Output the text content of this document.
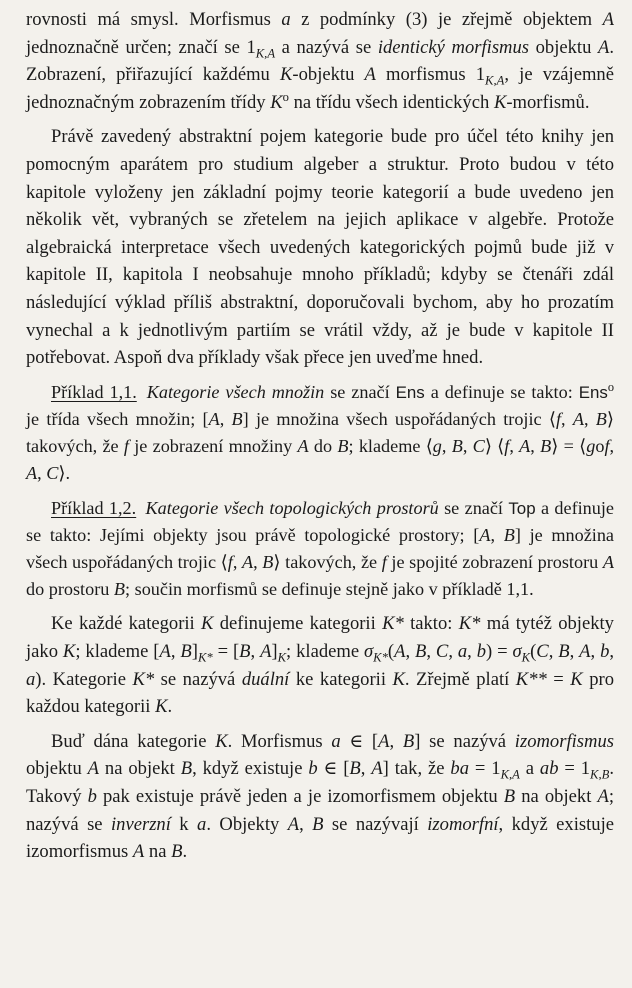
rovnosti má smysl. Morfismus a z podmínky (3) je zřejmě objektem A jednoznačně určen; značí se $1_{K,A}$ a nazývá se identický morfismus objektu A. Zobrazení, přiřazující každému K-objektu A morfismus $1_{K,A}$, je vzájemně jednoznačným zobrazením třídy $K^o$ na třídu všech identických K-morfismů.

Právě zavedený abstraktní pojem kategorie bude pro účel této knihy jen pomocným aparátem pro studium algeber a struktur. Proto budou v této kapitole vyloženy jen základní pojmy teorie kategorií a bude uvedeno jen několik vět, vybraných se zřetelem na jejich aplikace v algebře. Protože algebraická interpretace všech uvedených kategorických pojmů bude již v kapitole II, kapitola I neobsahuje mnoho příkladů; kdyby se čtenáři zdál následující výklad příliš abstraktní, doporučovali bychom, aby ho prozatím vynechal a k jednotlivým partiím se vrátil vždy, až je bude v kapitole II potřebovat. Aspoň dva příklady však přece jen uveďme hned.

Příklad 1,1. Kategorie všech množin se značí Ens a definuje se takto: Ens$^o$ je třída všech množin; [A, B] je množina všech uspořádaných trojic ⟨f, A, B⟩ takových, že f je zobrazení množiny A do B; klademe ⟨g, B, C⟩ ⟨f, A, B⟩ = ⟨gof, A, C⟩.

Příklad 1,2. Kategorie všech topologických prostorů se značí Top a definuje se takto: Jejími objekty jsou právě topologické prostory; [A, B] je množina všech uspořádaných trojic ⟨f, A, B⟩ takových, že f je spojité zobrazení prostoru A do prostoru B; součin morfismů se definuje stejně jako v příkladě 1,1.

Ke každé kategorii K definujeme kategorii K* takto: K* má tytéž objekty jako K; klademe [A, $B]_{K*} = [B$, $A]_K$; klademe $\sigma_{K*}(A$, B, C, a, $b) = \sigma_K(C$, B, A, b, a). Kategorie K* se nazývá duální ke kategorii K. Zřejmě platí K** = K pro každou kategorii K.

Buď dána kategorie K. Morfismus a ∈ [A, B] se nazývá izomorfismus objektu A na objekt B, když existuje b ∈ [B, A] tak, že ba = $1_{K,A}$ a ab = $1_{K,B}$. Takový b pak existuje právě jeden a je izomorfismem objektu B na objekt A; nazývá se inverzní k a. Objekty A, B se nazývají izomorfní, když existuje izomorfismus A na B.
